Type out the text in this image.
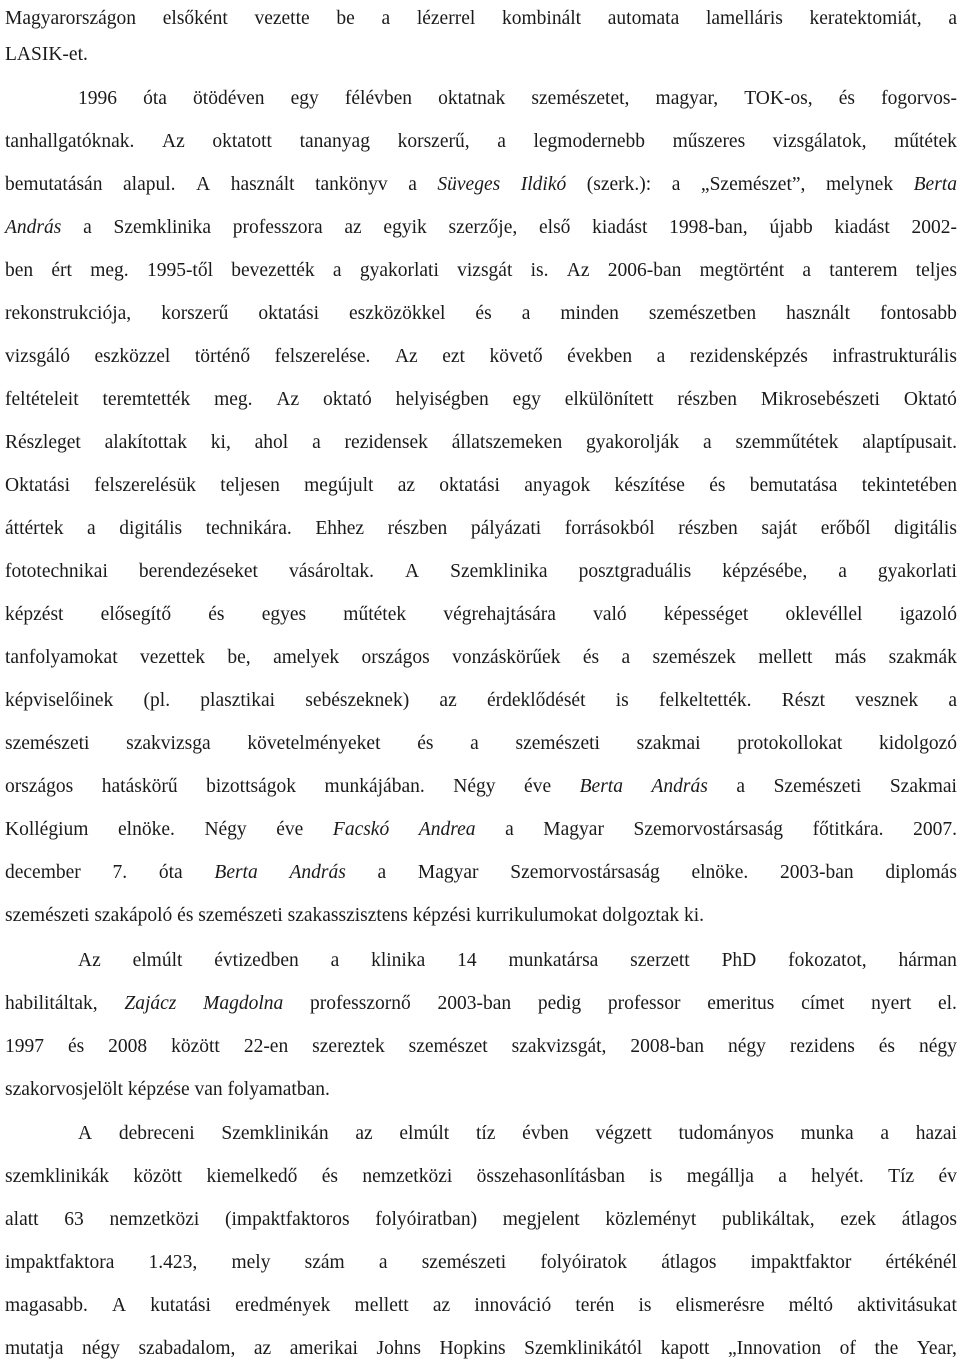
Magyarországon elsőként vezette be a lézerrel kombinált automata lamelláris keratektomiát, a
LASIK-et.
1996 óta ötödéven egy félévben oktatnak szemészetet, magyar, TOK-os, és fogorvos-
tanhallgatóknak. Az oktatott tananyag korszerű, a legmodernebb műszeres vizsgálatok, műtétek
bemutatásán alapul. A használt tankönyv a Süveges Ildikó (szerk.): a „Szemészet”, melynek Berta
András a Szemklinika professzora az egyik szerzője, első kiadást 1998-ban, újabb kiadást 2002-
ben ért meg. 1995-től bevezették a gyakorlati vizsgát is. Az 2006-ban megtörtént a tanterem teljes
rekonstrukciója, korszerű oktatási eszközökkel és a minden szemészetben használt fontosabb
vizsgáló eszközzel történő felszerelése. Az ezt követő években a rezidensképzés infrastrukturális
feltételeit teremtették meg. Az oktató helyiségben egy elkülönített részben Mikrosebészeti Oktató
Részleget alakítottak ki, ahol a rezidensek állatszemeken gyakorolják a szemműtétek alaptípusait.
Oktatási felszerelésük teljesen megújult az oktatási anyagok készítése és bemutatása tekintetében
áttértek a digitális technikára. Ehhez részben pályázati forrásokból részben saját erőből digitális
fototechnikai berendezéseket vásároltak. A Szemklinika posztgraduális képzésébe, a gyakorlati
képzést elősegítő és egyes műtétek végrehajtására való képességet oklevéllel igazoló
tanfolyamokat vezettek be, amelyek országos vonzáskörűek és a szemészek mellett más szakmák
képviselőinek (pl. plasztikai sebészeknek) az érdeklődését is felkeltették. Részt vesznek a
szemészeti szakvizsga követelményeket és a szemészeti szakmai protokollokat kidolgozó
országos hatáskörű bizottságok munkájában. Négy éve Berta András a Szemészeti Szakmai
Kollégium elnöke. Négy éve Facskó Andrea a Magyar Szemorvostársaság főtitkára. 2007.
december 7. óta Berta András a Magyar Szemorvostársaság elnöke. 2003-ban diplomás
szemészeti szakápoló és szemészeti szakasszisztens képzési kurrikulumokat dolgoztak ki.
Az elmúlt évtizedben a klinika 14 munkatársa szerzett PhD fokozatot, hárman
habilitáltak, Zajácz Magdolna professzornő 2003-ban pedig professor emeritus címet nyert el.
1997 és 2008 között 22-en szereztek szemészet szakvizsgát, 2008-ban négy rezidens és négy
szakorvosjelölt képzése van folyamatban.
A debreceni Szemklinikán az elmúlt tíz évben végzett tudományos munka a hazai
szemklinikák között kiemelkedő és nemzetközi összehasonlításban is megállja a helyét. Tíz év
alatt 63 nemzetközi (impaktfaktoros folyóiratban) megjelent közleményt publikáltak, ezek átlagos
impaktfaktora 1.423, mely szám a szemészeti folyóiratok átlagos impaktfaktor értékénél
magasabb. A kutatási eredmények mellett az innováció terén is elismerésre méltó aktivitásukat
mutatja négy szabadalom, az amerikai Johns Hopkins Szemklinikától kapott „Innovation of the Year,
